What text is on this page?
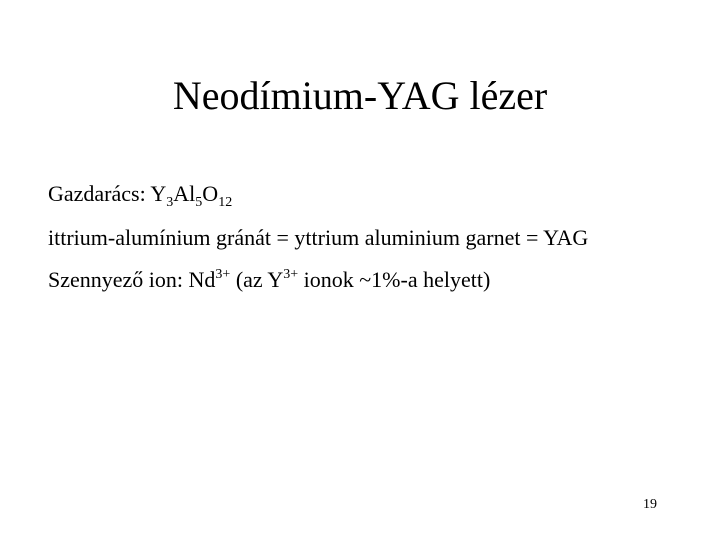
Neodímium-YAG lézer
Gazdarács: $Y_3Al_5O_{12}$
ittrium-alumínium gránát = yttrium aluminium garnet = YAG
Szennyező ion: $Nd^{3+}$ (az $Y^{3+}$ ionok ~1%-a helyett)
19
